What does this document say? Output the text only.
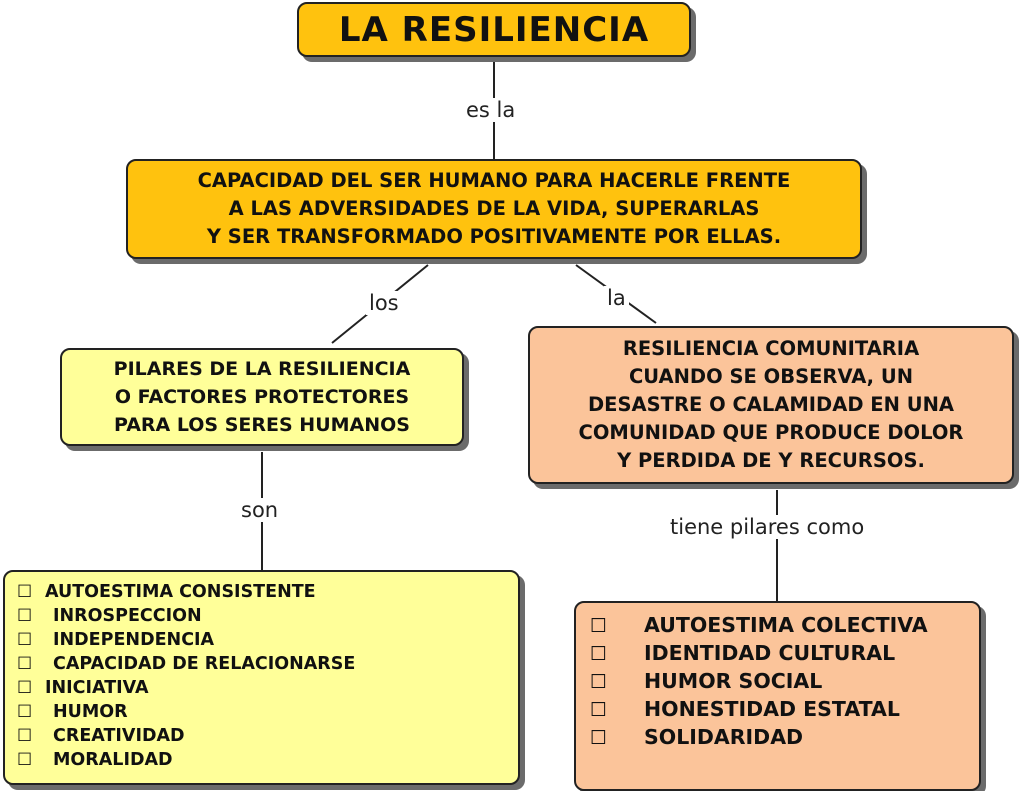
LA RESILIENCIA
es la
CAPACIDAD DEL SER HUMANO PARA HACERLE FRENTE
A LAS ADVERSIDADES DE LA VIDA, SUPERARLAS
Y SER TRANSFORMADO POSITIVAMENTE POR ELLAS.
los	la
PILARES DE LA RESILIENCIA
O FACTORES PROTECTORES
PARA LOS SERES HUMANOS
RESILIENCIA COMUNITARIA
CUANDO SE OBSERVA, UN
DESASTRE O CALAMIDAD EN UNA
COMUNIDAD QUE PRODUCE DOLOR
Y PERDIDA DE Y RECURSOS.
son
tiene pilares como
☐ AUTOESTIMA CONSISTENTE
☐ INROSPECCION
☐ INDEPENDENCIA
☐ CAPACIDAD DE RELACIONARSE
☐ INICIATIVA
☐ HUMOR
☐ CREATIVIDAD
☐ MORALIDAD
☐ AUTOESTIMA COLECTIVA
☐ IDENTIDAD CULTURAL
☐ HUMOR SOCIAL
☐ HONESTIDAD ESTATAL
☐ SOLIDARIDAD
